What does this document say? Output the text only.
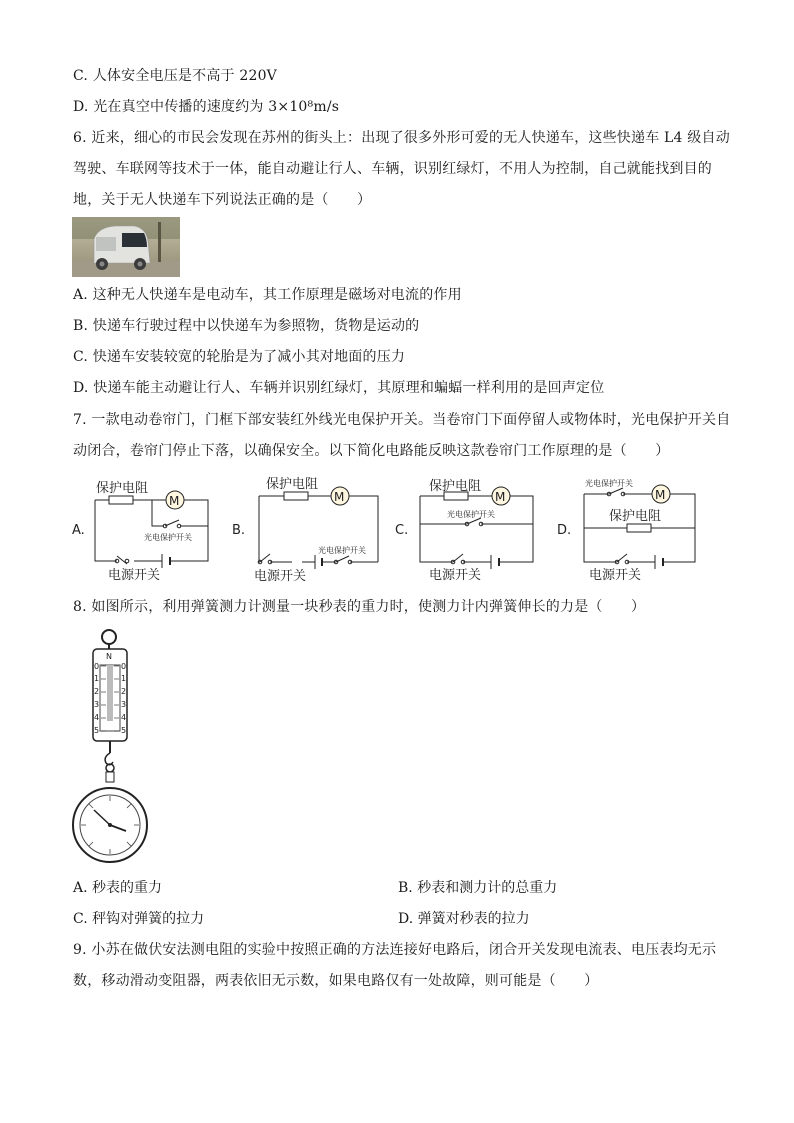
C. 人体安全电压是不高于 220V
D. 光在真空中传播的速度约为 3×10⁸m/s
6. 近来，细心的市民会发现在苏州的街头上：出现了很多外形可爱的无人快递车，这些快递车 L4 级自动
驾驶、车联网等技术于一体，能自动避让行人、车辆，识别红绿灯，不用人为控制，自己就能找到目的
地，关于无人快递车下列说法正确的是（　　）
A. 这种无人快递车是电动车，其工作原理是磁场对电流的作用
B. 快递车行驶过程中以快递车为参照物，货物是运动的
C. 快递车安装较宽的轮胎是为了减小其对地面的压力
D. 快递车能主动避让行人、车辆并识别红绿灯，其原理和蝙蝠一样利用的是回声定位
7. 一款电动卷帘门，门框下部安装红外线光电保护开关。当卷帘门下面停留人或物体时，光电保护开关自
动闭合，卷帘门停止下落，以确保安全。以下简化电路能反映这款卷帘门工作原理的是（　　）
A.
保护电阻
M
光电保护开关
电源开关
B.
保护电阻
M
光电保护开关
电源开关
C.
保护电阻
M
光电保护开关
电源开关
D.
光电保护开关
M
保护电阻
电源开关
8. 如图所示，利用弹簧测力计测量一块秒表的重力时，使测力计内弹簧伸长的力是（　　）
N
0
1
2
3
4
5
0
1
2
3
4
5
A. 秒表的重力	B. 秒表和测力计的总重力
C. 秤钩对弹簧的拉力	D. 弹簧对秒表的拉力
9. 小苏在做伏安法测电阻的实验中按照正确的方法连接好电路后，闭合开关发现电流表、电压表均无示
数，移动滑动变阻器，两表依旧无示数，如果电路仅有一处故障，则可能是（　　）
